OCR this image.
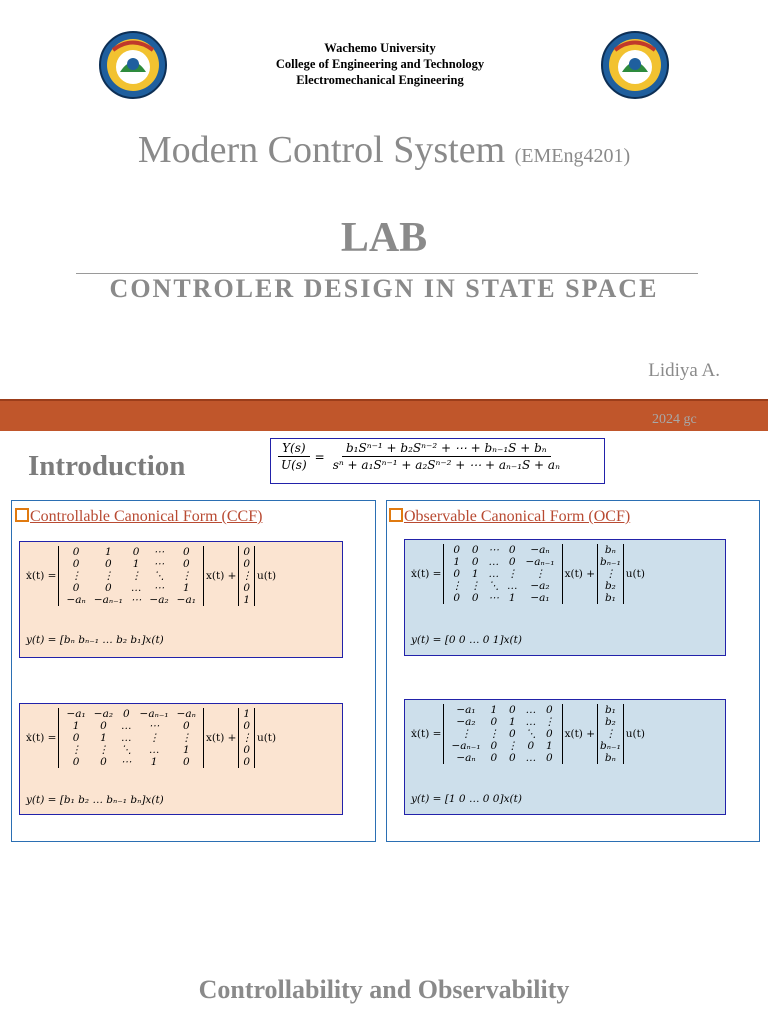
Wachemo University
College of Engineering and Technology
Electromechanical Engineering
Modern Control System (EMEng4201)
LAB
CONTROLER DESIGN IN STATE SPACE
Lidiya A.
2024 gc
Introduction	$\frac{Y(s)}{U(s)} = \frac{\text{b₁Sⁿ⁻¹ + b₂Sⁿ⁻² + ⋯ + bₙ₋₁S + bₙ}}{\text{sⁿ + a₁Sⁿ⁻¹ + a₂Sⁿ⁻² + ⋯ + aₙ₋₁S + aₙ}}$
Controllable Canonical Form (CCF)
ẋ(t) =
0	1	0	⋯	0
0	0	1	⋯	0
⋮	⋮	⋮	⋱	⋮
0	0	…	⋯	1
−aₙ −aₙ₋₁ ⋯ −a₂ −a₁
x(t) +
0
0
⋮
0
1
u(t)
y(t) = [bₙ bₙ₋₁ … b₂ b₁]x(t)
ẋ(t) =
−a₁ −a₂ 0 −aₙ₋₁ −aₙ
1	0	…	⋯	0
0	1	…	⋮	⋮
⋮	⋮	⋱	…	1
0	0	⋯	1	0
x(t) +
1
0
⋮
0
0
u(t)
y(t) = [b₁ b₂ … bₙ₋₁ bₙ]x(t)
Observable Canonical Form (OCF)
ẋ(t) =
0	0 ⋯ 0	−aₙ
1	0 … 0 −aₙ₋₁
0	1 … ⋮	⋮
⋮ ⋮ ⋱ …	−a₂
0	0 ⋯ 1	−a₁
x(t) +
bₙ
bₙ₋₁
⋮
b₂
b₁
u(t)
y(t) = [0 0 … 0 1]x(t)
ẋ(t) =
−a₁	1	0 … 0
−a₂	0	1 … ⋮
⋮	⋮ 0 ⋱ 0
−aₙ₋₁ 0 ⋮ 0	1
−aₙ	0	0 … 0
x(t) +
b₁
b₂
⋮
bₙ₋₁
bₙ
u(t)
y(t) = [1 0 … 0 0]x(t)
Controllability and Observability
